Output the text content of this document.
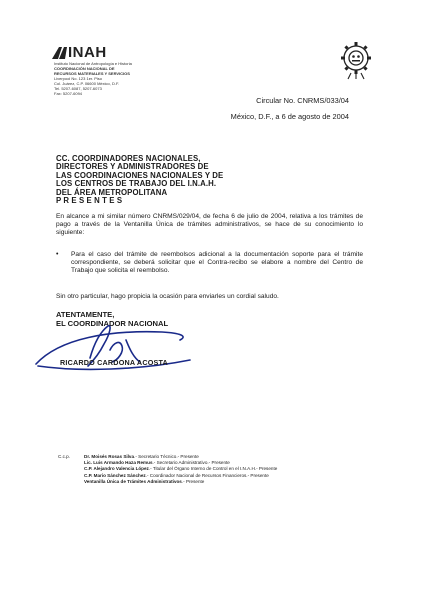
INAH
Instituto Nacional de Antropología e Historia
COORDINACIÓN NACIONAL DE
RECURSOS MATERIALES Y SERVICIOS
Liverpool No. 123 1er. Piso
Col. Juárez, C.P. 06600 México, D.F.
Tel. 5207-6087, 5207-6073
Fax: 5207-6094
Circular No. CNRMS/033/04
México, D.F., a 6 de agosto de 2004
CC. COORDINADORES NACIONALES,
DIRECTORES Y ADMINISTRADORES DE
LAS COORDINACIONES NACIONALES Y DE
LOS CENTROS DE TRABAJO DEL I.N.A.H.
DEL ÁREA METROPOLITANA
P R E S E N T E S
En alcance a mi similar número CNRMS/029/04, de fecha 6 de julio de 2004, relativa a los trámites de pago a través de la Ventanilla Única de trámites administrativos, se hace de su conocimiento lo siguiente:
• Para el caso del trámite de reembolsos adicional a la documentación soporte para el trámite correspondiente, se deberá solicitar que el Contra-recibo se elabore a nombre del Centro de Trabajo que solicita el reembolso.
Sin otro particular, hago propicia la ocasión para enviarles un cordial saludo.
ATENTAMENTE,
EL COORDINADOR NACIONAL
RICARDO CARDONA ACOSTA
C.c.p.	Dr. Moisés Rosas Silva.- Secretario Técnico.- Presente
Lic. Luis Armando Haza Remus.- Secretario Administrativo.- Presente
C.P. Alejandro Valencia López.- Titular del Órgano Interno de Control en el I.N.A.H.- Presente
C.P. Mario Sánchez Sánchez.- Coordinador Nacional de Recursos Financieros.- Presente
Ventanilla Única de Trámites Administrativos.- Presente
